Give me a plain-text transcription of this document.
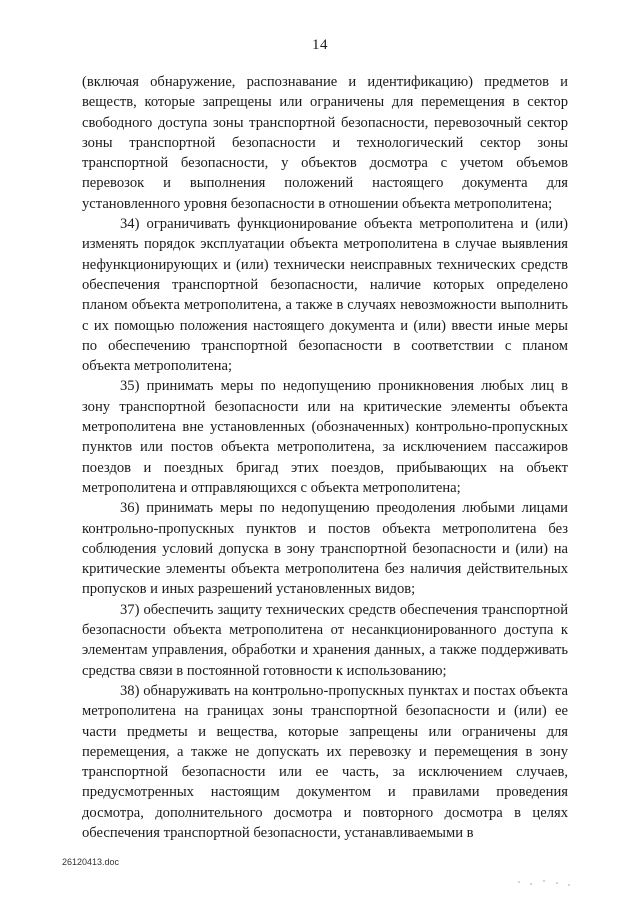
14

(включая обнаружение, распознавание и идентификацию) предметов и веществ, которые запрещены или ограничены для перемещения в сектор свободного доступа зоны транспортной безопасности, перевозочный сектор зоны транспортной безопасности и технологический сектор зоны транспортной безопасности, у объектов досмотра с учетом объемов перевозок и выполнения положений настоящего документа для установленного уровня безопасности в отношении объекта метрополитена;

34) ограничивать функционирование объекта метрополитена и (или) изменять порядок эксплуатации объекта метрополитена в случае выявления нефункционирующих и (или) технически неисправных технических средств обеспечения транспортной безопасности, наличие которых определено планом объекта метрополитена, а также в случаях невозможности выполнить с их помощью положения настоящего документа и (или) ввести иные меры по обеспечению транспортной безопасности в соответствии с планом объекта метрополитена;

35) принимать меры по недопущению проникновения любых лиц в зону транспортной безопасности или на критические элементы объекта метрополитена вне установленных (обозначенных) контрольно-пропускных пунктов или постов объекта метрополитена, за исключением пассажиров поездов и поездных бригад этих поездов, прибывающих на объект метрополитена и отправляющихся с объекта метрополитена;

36) принимать меры по недопущению преодоления любыми лицами контрольно-пропускных пунктов и постов объекта метрополитена без соблюдения условий допуска в зону транспортной безопасности и (или) на критические элементы объекта метрополитена без наличия действительных пропусков и иных разрешений установленных видов;

37) обеспечить защиту технических средств обеспечения транспортной безопасности объекта метрополитена от несанкционированного доступа к элементам управления, обработки и хранения данных, а также поддерживать средства связи в постоянной готовности к использованию;

38) обнаруживать на контрольно-пропускных пунктах и постах объекта метрополитена на границах зоны транспортной безопасности и (или) ее части предметы и вещества, которые запрещены или ограничены для перемещения, а также не допускать их перевозку и перемещения в зону транспортной безопасности или ее часть, за исключением случаев, предусмотренных настоящим документом и правилами проведения досмотра, дополнительного досмотра и повторного досмотра в целях обеспечения транспортной безопасности, устанавливаемыми в

26120413.doc
